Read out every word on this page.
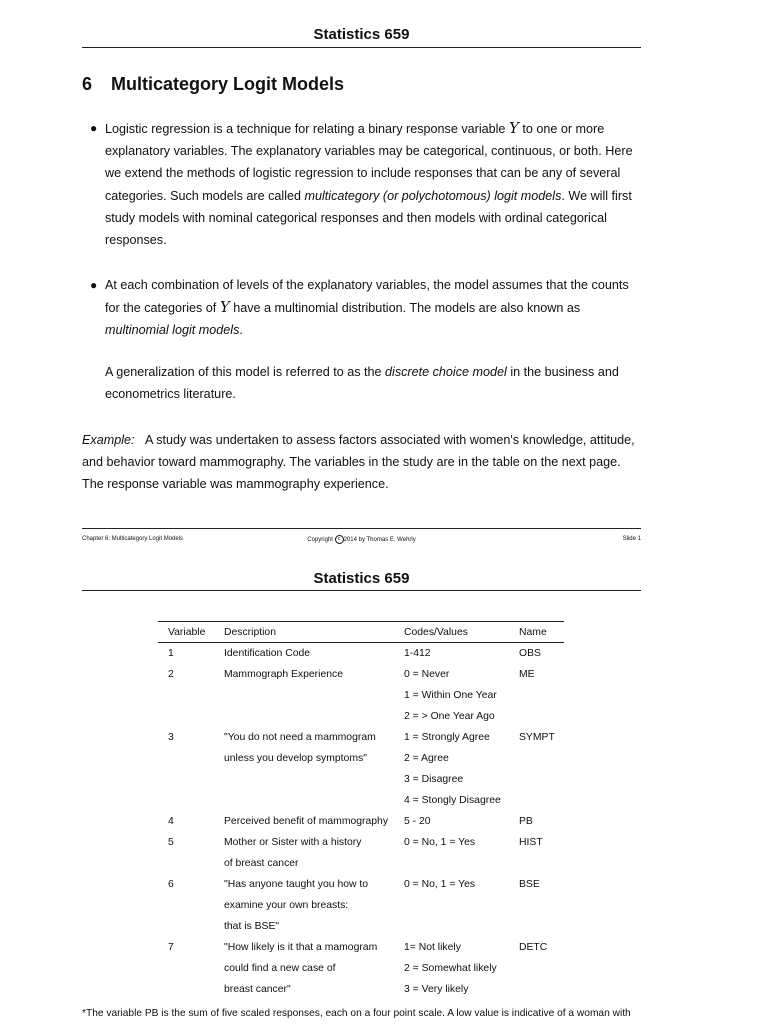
Statistics 659
6 Multicategory Logit Models
● Logistic regression is a technique for relating a binary response variable Y to one or more explanatory variables. The explanatory variables may be categorical, continuous, or both. Here we extend the methods of logistic regression to include responses that can be any of several categories. Such models are called multicategory (or polychotomous) logit models. We will first study models with nominal categorical responses and then models with ordinal categorical responses.
● At each combination of levels of the explanatory variables, the model assumes that the counts for the categories of Y have a multinomial distribution. The models are also known as multinomial logit models.
A generalization of this model is referred to as the discrete choice model in the business and econometrics literature.
Example: A study was undertaken to assess factors associated with women's knowledge, attitude, and behavior toward mammography. The variables in the study are in the table on the next page. The response variable was mammography experience.
Chapter 6: Multicategory Logit Models	Copyright c 2014 by Thomas E. Wehrly	Slide 1
Statistics 659
Variable	Description	Codes/Values	Name
1	Identification Code	1-412	OBS
2	Mammograph Experience	0 = Never	ME
		1 = Within One Year	
		2 = > One Year Ago	
3	"You do not need a mammogram	1 = Strongly Agree	SYMPT
	unless you develop symptoms"	2 = Agree	
		3 = Disagree	
		4 = Stongly Disagree	
4	Perceived benefit of mammography	5 - 20	PB
5	Mother or Sister with a history	0 = No, 1 = Yes	HIST
	of breast cancer		
6	"Has anyone taught you how to	0 = No, 1 = Yes	BSE
	examine your own breasts:		
	that is BSE"		
7	"How likely is it that a mamogram	1= Not likely	DETC
	could find a new case of	2 = Somewhat likely	
	breast cancer"	3 = Very likely	
*The variable PB is the sum of five scaled responses, each on a four point scale. A low value is indicative of a woman with
